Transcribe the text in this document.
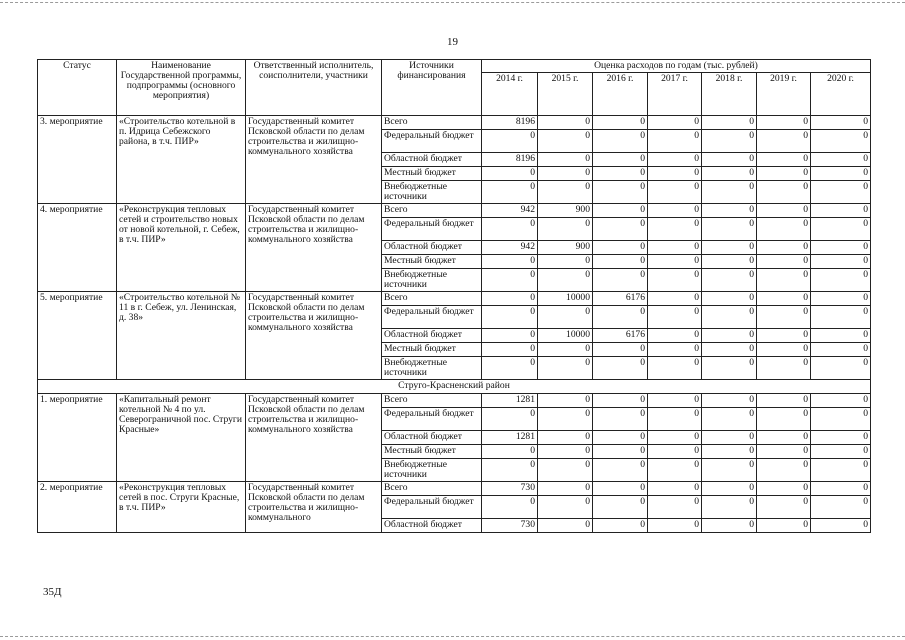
19
Статус	Наименование Государственной программы, подпрограммы (основного мероприятия)	Ответственный исполнитель, соисполнители, участники	Источники финансирования	Оценка расходов по годам (тыс. рублей)						
				2014 г.	2015 г.	2016 г.	2017 г.	2018 г.	2019 г.	2020 г.
3. мероприятие	«Строительство котельной в п. Идрица Себежского района, в т.ч. ПИР»	Государственный комитет Псковской области по делам строительства и жилищно-коммунального хозяйства	Всего	8196	0	0	0	0	0	0
			Федеральный бюджет	0	0	0	0	0	0	0
			Областной бюджет	8196	0	0	0	0	0	0
			Местный бюджет	0	0	0	0	0	0	0
			Внебюджетные источники	0	0	0	0	0	0	0
4. мероприятие	«Реконструкция тепловых сетей и строительство новых от новой котельной, г. Себеж, в т.ч. ПИР»	Государственный комитет Псковской области по делам строительства и жилищно-коммунального хозяйства	Всего	942	900	0	0	0	0	0
			Федеральный бюджет	0	0	0	0	0	0	0
			Областной бюджет	942	900	0	0	0	0	0
			Местный бюджет	0	0	0	0	0	0	0
			Внебюджетные источники	0	0	0	0	0	0	0
5. мероприятие	«Строительство котельной № 11 в г. Себеж, ул. Ленинская, д. 38»	Государственный комитет Псковской области по делам строительства и жилищно-коммунального хозяйства	Всего	0	10000	6176	0	0	0	0
			Федеральный бюджет	0	0	0	0	0	0	0
			Областной бюджет	0	10000	6176	0	0	0	0
			Местный бюджет	0	0	0	0	0	0	0
			Внебюджетные источники	0	0	0	0	0	0	0
Струго-Красненский район										
1. мероприятие	«Капитальный ремонт котельной № 4 по ул. Северограничной пос. Струги Красные»	Государственный комитет Псковской области по делам строительства и жилищно-коммунального хозяйства	Всего	1281	0	0	0	0	0	0
			Федеральный бюджет	0	0	0	0	0	0	0
			Областной бюджет	1281	0	0	0	0	0	0
			Местный бюджет	0	0	0	0	0	0	0
			Внебюджетные источники	0	0	0	0	0	0	0
2. мероприятие	«Реконструкция тепловых сетей в пос. Струги Красные, в т.ч. ПИР»	Государственный комитет Псковской области по делам строительства и жилищно-коммунального	Всего	730	0	0	0	0	0	0
			Федеральный бюджет	0	0	0	0	0	0	0
			Областной бюджет	730	0	0	0	0	0	0
35Д
